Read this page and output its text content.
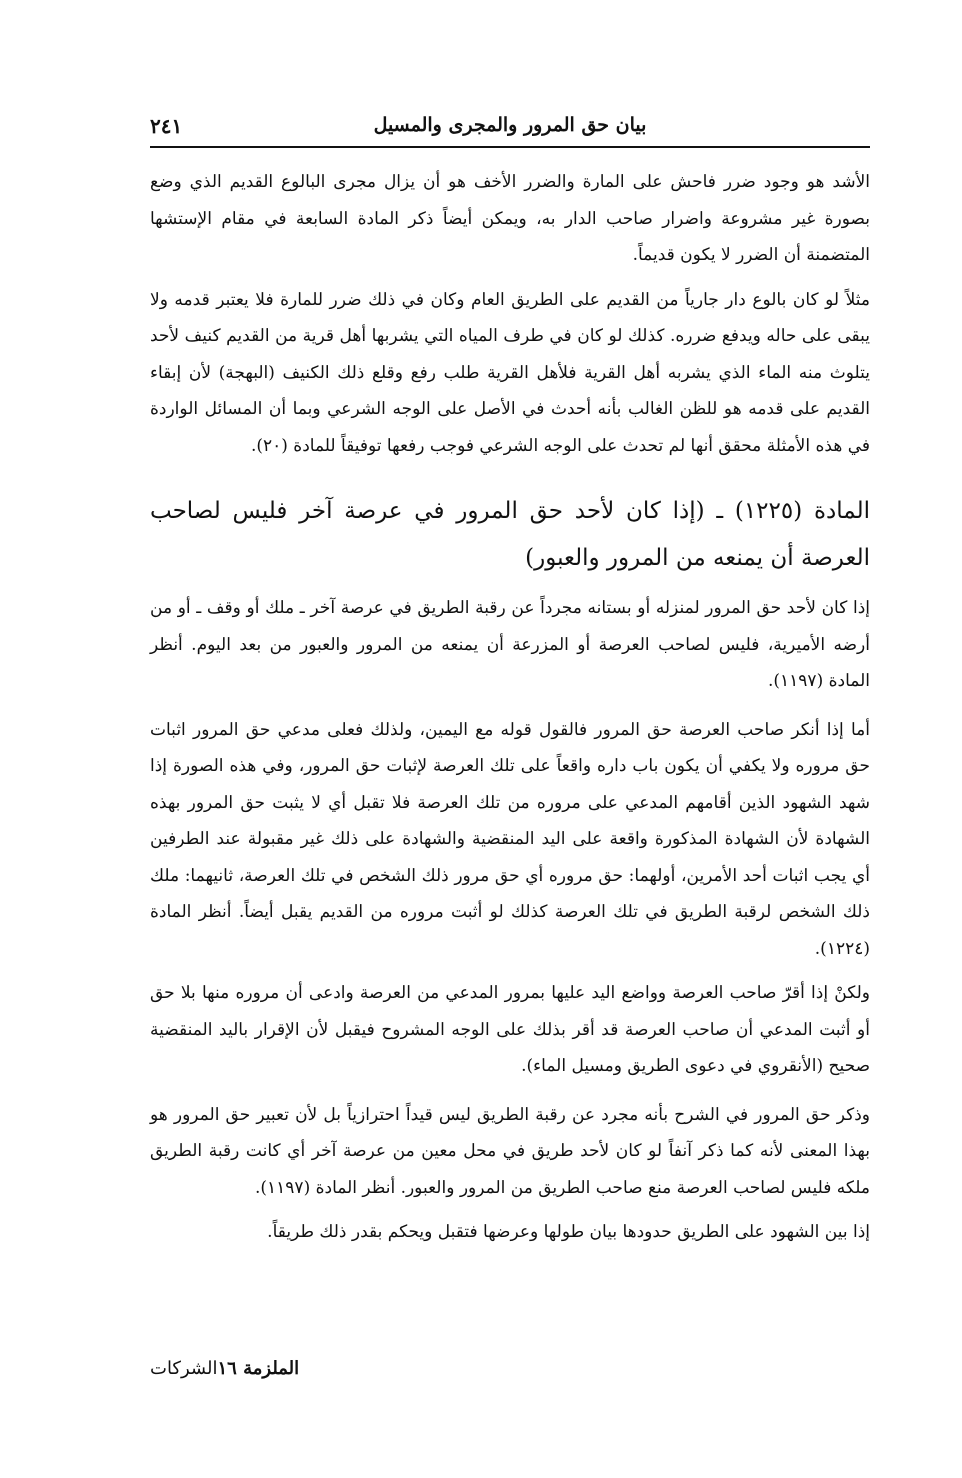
بيان حق المرور والمجرى والمسيل
٢٤١

الأشد هو وجود ضرر فاحش على المارة والضرر الأخف هو أن يزال مجرى البالوع القديم الذي وضع بصورة غير مشروعة واضرار صاحب الدار به، ويمكن أيضاً ذكر المادة السابعة في مقام الإستشها المتضمنة أن الضرر لا يكون قديماً.

مثلاً لو كان بالوع دار جارياً من القديم على الطريق العام وكان في ذلك ضرر للمارة فلا يعتبر قدمه ولا يبقى على حاله ويدفع ضرره. كذلك لو كان في طرف المياه التي يشربها أهل قرية من القديم كنيف لأحد يتلوث منه الماء الذي يشربه أهل القرية فلأهل القرية طلب رفع وقلع ذلك الكنيف (البهجة) لأن إبقاء القديم على قدمه هو للظن الغالب بأنه أحدث في الأصل على الوجه الشرعي وبما أن المسائل الواردة في هذه الأمثلة محقق أنها لم تحدث على الوجه الشرعي فوجب رفعها توفيقاً للمادة (٢٠).

المادة (١٢٢٥) ـ (إذا كان لأحد حق المرور في عرصة آخر فليس لصاحب العرصة أن يمنعه من المرور والعبور)

إذا كان لأحد حق المرور لمنزله أو بستانه مجرداً عن رقبة الطريق في عرصة آخر ـ ملك أو وقف ـ أو من أرضه الأميرية، فليس لصاحب العرصة أو المزرعة أن يمنعه من المرور والعبور من بعد اليوم. أنظر المادة (١١٩٧).

أما إذا أنكر صاحب العرصة حق المرور فالقول قوله مع اليمين، ولذلك فعلى مدعي حق المرور اثبات حق مروره ولا يكفي أن يكون باب داره واقعاً على تلك العرصة لإثبات حق المرور، وفي هذه الصورة إذا شهد الشهود الذين أقامهم المدعي على مروره من تلك العرصة فلا تقبل أي لا يثبت حق المرور بهذه الشهادة لأن الشهادة المذكورة واقعة على اليد المنقضية والشهادة على ذلك غير مقبولة عند الطرفين أي يجب اثبات أحد الأمرين، أولهما: حق مروره أي حق مرور ذلك الشخص في تلك العرصة، ثانيهما: ملك ذلك الشخص لرقبة الطريق في تلك العرصة كذلك لو أثبت مروره من القديم يقبل أيضاً. أنظر المادة (١٢٢٤).

ولكنْ إذا أقرّ صاحب العرصة وواضع اليد عليها بمرور المدعي من العرصة وادعى أن مروره منها بلا حق أو أثبت المدعي أن صاحب العرصة قد أقر بذلك على الوجه المشروح فيقبل لأن الإقرار باليد المنقضية صحيح (الأنقروي في دعوى الطريق ومسيل الماء).

وذكر حق المرور في الشرح بأنه مجرد عن رقبة الطريق ليس قيداً احترازياً بل لأن تعبير حق المرور هو بهذا المعنى لأنه كما ذكر آنفاً لو كان لأحد طريق في محل معين من عرصة آخر أي كانت رقبة الطريق ملكه فليس لصاحب العرصة منع صاحب الطريق من المرور والعبور. أنظر المادة (١١٩٧).

إذا بين الشهود على الطريق حدودها بيان طولها وعرضها فتقبل ويحكم بقدر ذلك طريقاً.

الملزمة ١٦الشركات
